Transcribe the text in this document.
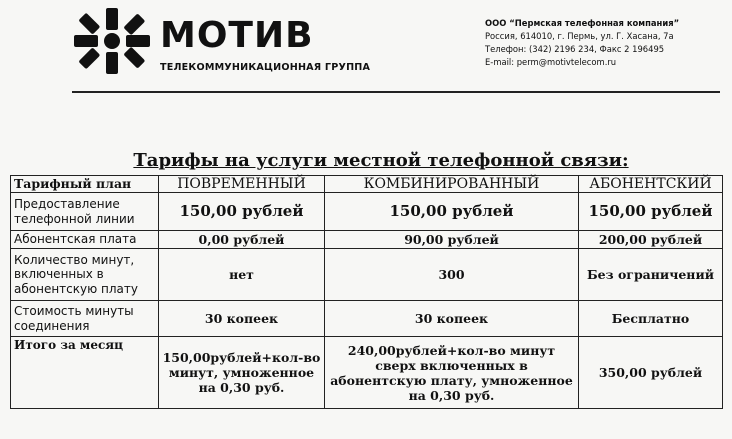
МОТИВ
ТЕЛЕКОММУНИКАЦИОННАЯ ГРУППА
ООО “Пермская телефонная компания”
Россия, 614010, г. Пермь, ул. Г. Хасана, 7а
Телефон: (342) 2196 234, Факс 2 196495
E-mail: perm@motivtelecom.ru
Тарифы на услуги местной телефонной связи:
Тарифный план	ПОВРЕМЕННЫЙ	КОМБИНИРОВАННЫЙ	АБОНЕНТСКИЙ
Предоставление телефонной линии	150,00 рублей	150,00 рублей	150,00 рублей
Абонентская плата	0,00 рублей	90,00 рублей	200,00 рублей
Количество минут, включенных в абонентскую плату	нет	300	Без ограничений
Стоимость минуты соединения	30 копеек	30 копеек	Бесплатно
Итого за месяц	150,00рублей+кол-во минут, умноженное на 0,30 руб.	240,00рублей+кол-во минут сверх включенных в абонентскую плату, умноженное на 0,30 руб.	350,00 рублей
